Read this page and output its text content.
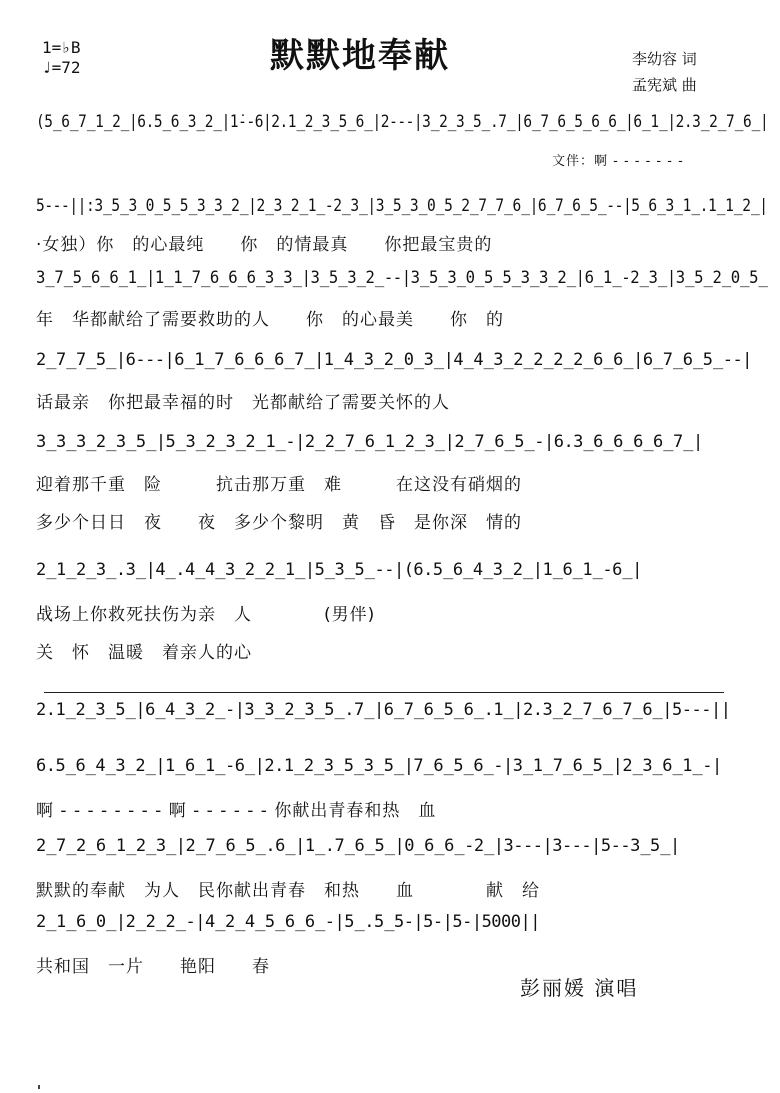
1=♭B
♩=72	默默地奉献	李幼容 词
孟宪斌 曲
(5̲6̲7̲1̲2̲|6.5̲6̲3̲2̲|1̇--6|2.1̲2̲3̲5̲6̲|2---|3̲2̲3̲5̲.7̲|6̲7̲6̲5̲6̲6̲|6̲1̲|2.3̲2̲7̲6̲|
文伴：啊 - - - - - - -
5---||:3̲5̲3̲0̲5̲5̲3̲3̲2̲|2̲3̲2̲1̲-2̲3̲|3̲5̲3̲0̲5̲2̲7̲7̲6̲|6̲7̲6̲5̲--|5̲6̲3̲1̲.1̲1̲2̲|
·女独）你　的心最纯　　你　的情最真　　你把最宝贵的
3̲7̲5̲6̲6̲1̲|1̲1̲7̲6̲6̲6̲3̲3̲|3̲5̲3̲2̲--|3̲5̲3̲0̲5̲5̲3̲3̲2̲|6̲1̲-2̲3̲|3̲5̲2̲0̲5̲
年　华都献给了需要救助的人　　你　的心最美　　你　的
2̲7̲7̲5̲|6---|6̲1̲7̲6̲6̲6̲7̲|1̲4̲3̲2̲0̲3̲|4̲4̲3̲2̲2̲2̲2̲6̲6̲|6̲7̲6̲5̲--|
话最亲　你把最幸福的时　光都献给了需要关怀的人
3̲3̲3̲2̲3̲5̲|5̲3̲2̲3̲2̲1̲-|2̲2̲7̲6̲1̲2̲3̲|2̲7̲6̲5̲-|6.3̲6̲6̲6̲6̲7̲|
迎着那千重　险　　　抗击那万重　难　　　在这没有硝烟的
多少个日日　夜　　夜　多少个黎明　黄　昏　是你深　情的
2̲1̲2̲3̲.3̲|4̲.4̲4̲3̲2̲2̲1̲|5̲3̲5̲--|(6.5̲6̲4̲3̲2̲|1̲6̲1̲-6̲|
战场上你救死扶伤为亲　人　　　　(男伴)
关　怀　温暖　着亲人的心
2.1̲2̲3̲5̲|6̲4̲3̲2̲-|3̲3̲2̲3̲5̲.7̲|6̲7̲6̲5̲6̲.1̲|2.3̲2̲7̲6̲7̲6̲|5---||
6.5̲6̲4̲3̲2̲|1̲6̲1̲-6̲|2.1̲2̲3̲5̲3̲5̲|7̲6̲5̲6̲-|3̲1̲7̲6̲5̲|2̲3̲6̲1̲-|
啊 - - - - - - - - 啊 - - - - - - 你献出青春和热　血
2̲7̲2̲6̲1̲2̲3̲|2̲7̲6̲5̲.6̲|1̲.7̲6̲5̲|0̲6̲6̲-2̲|3---|3---|5--3̲5̲|
默默的奉献　为人　民你献出青春　和热　　血　　　　献　给
2̲1̲6̲0̲|2̲2̲2̲-|4̲2̲4̲5̲6̲6̲-|5̲.5̲5-|5-|5-|5000||
共和国　一片　　艳阳　　春
彭丽媛 演唱
